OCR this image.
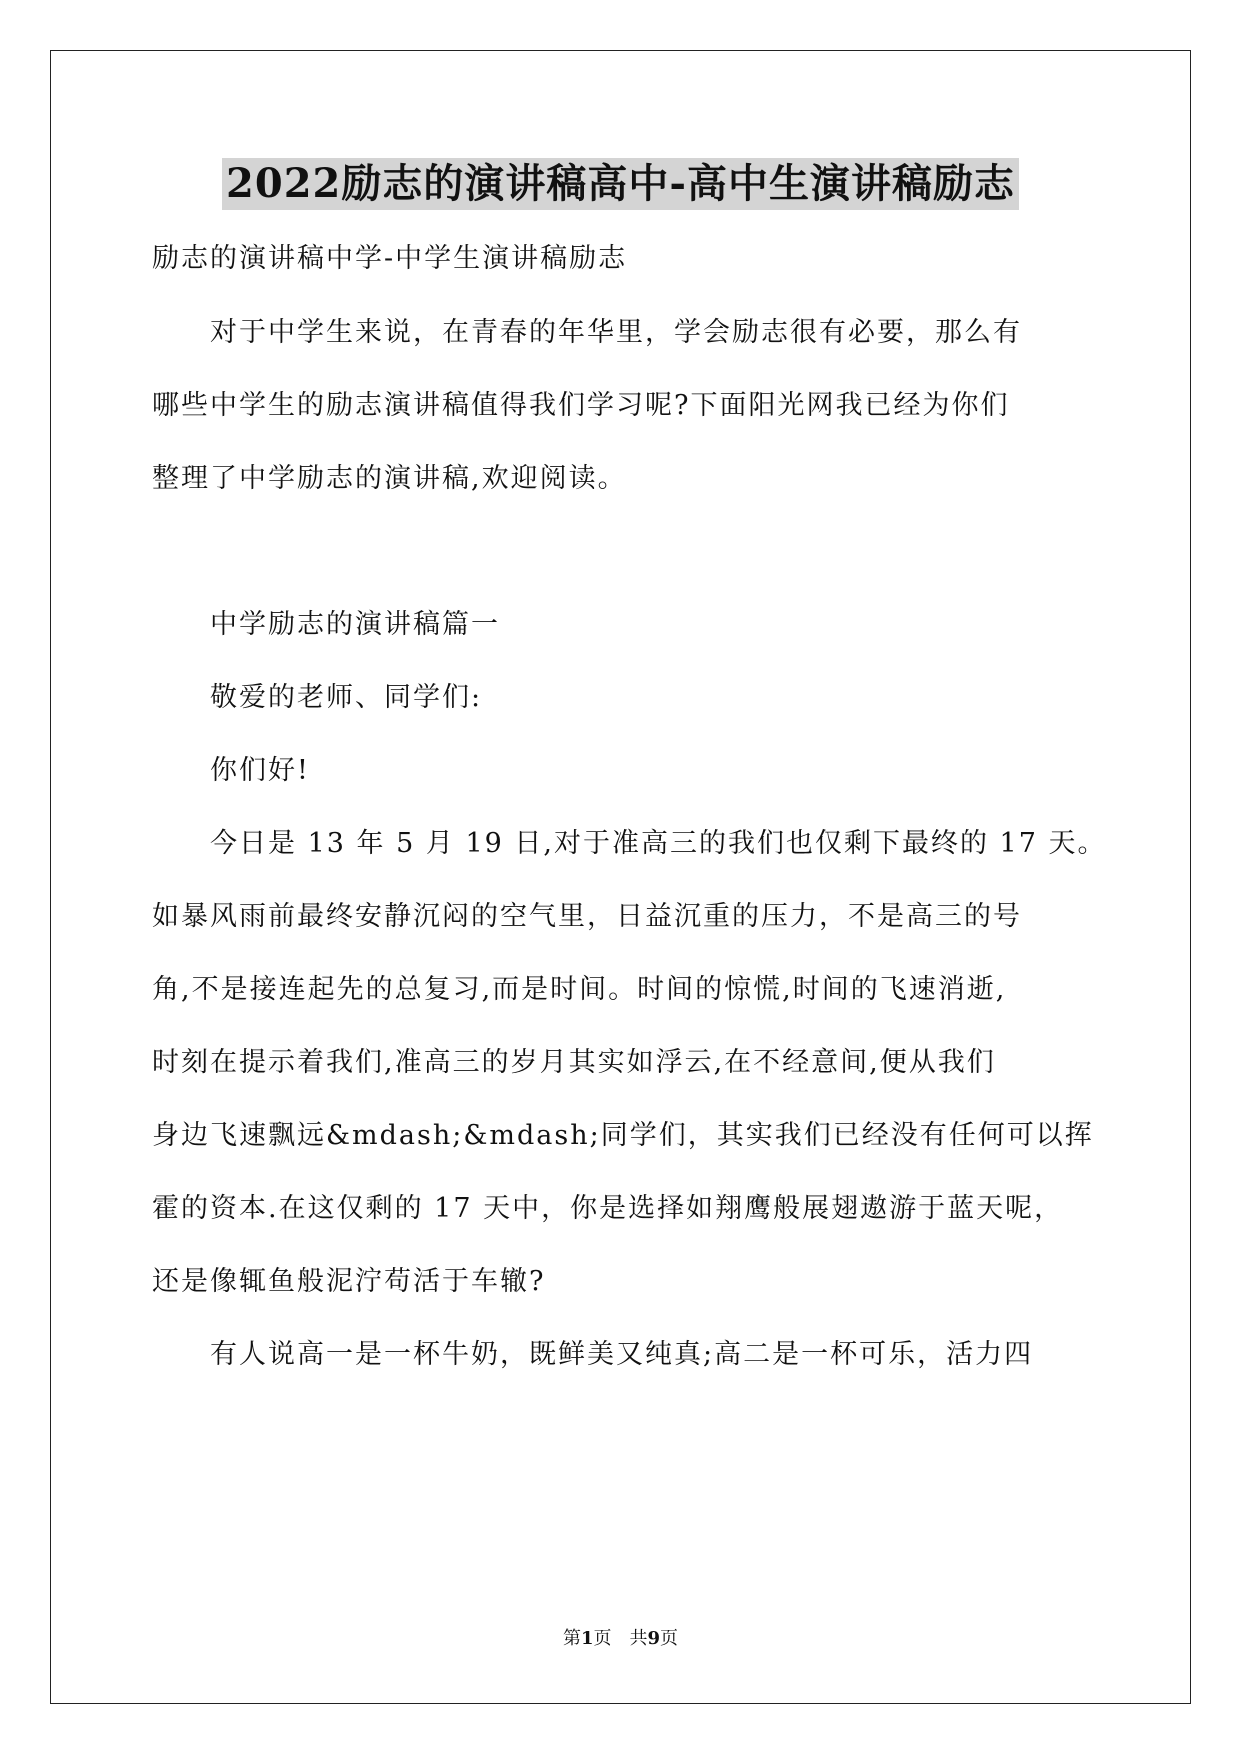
2022励志的演讲稿高中-高中生演讲稿励志
励志的演讲稿中学-中学生演讲稿励志
　　对于中学生来说，在青春的年华里，学会励志很有必要，那么有
哪些中学生的励志演讲稿值得我们学习呢?下面阳光网我已经为你们
整理了中学励志的演讲稿,欢迎阅读。
　　中学励志的演讲稿篇一
　　敬爱的老师、同学们:
　　你们好!
　　今日是 13 年 5 月 19 日,对于准高三的我们也仅剩下最终的 17 天。
如暴风雨前最终安静沉闷的空气里，日益沉重的压力，不是高三的号
角,不是接连起先的总复习,而是时间。时间的惊慌,时间的飞速消逝,
时刻在提示着我们,准高三的岁月其实如浮云,在不经意间,便从我们
身边飞速飘远&mdash;&mdash;同学们，其实我们已经没有任何可以挥
霍的资本.在这仅剩的 17 天中，你是选择如翔鹰般展翅遨游于蓝天呢，
还是像辄鱼般泥泞苟活于车辙?
　　有人说高一是一杯牛奶，既鲜美又纯真;高二是一杯可乐，活力四
第1页 共9页
